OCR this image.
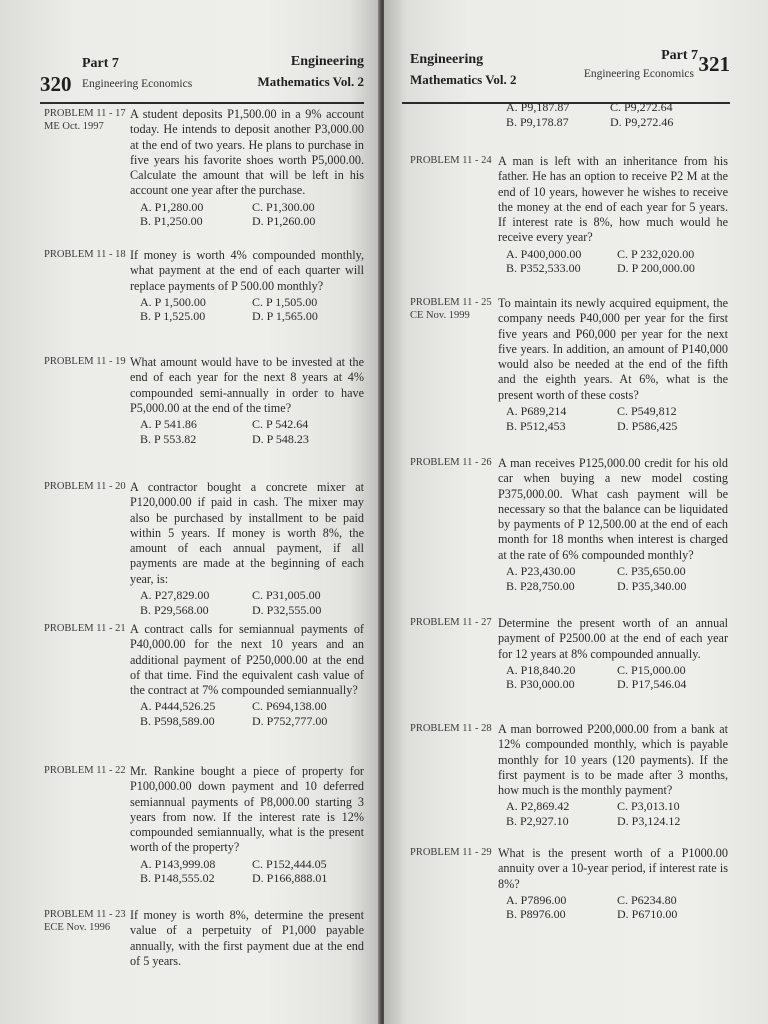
Part 7
320 Engineering Economics
Engineering
Mathematics Vol. 2
PROBLEM 11 - 17
ME Oct. 1997
A student deposits P1,500.00 in a 9% account today. He intends to deposit another P3,000.00 at the end of two years. He plans to purchase in five years his favorite shoes worth P5,000.00. Calculate the amount that will be left in his account one year after the purchase.
A. P1,280.00	C. P1,300.00
B. P1,250.00	D. P1,260.00
PROBLEM 11 - 18 If money is worth 4% compounded monthly, what payment at the end of each quarter will replace payments of P 500.00 monthly?
A. P 1,500.00	C. P 1,505.00
B. P 1,525.00	D. P 1,565.00
PROBLEM 11 - 19 What amount would have to be invested at the end of each year for the next 8 years at 4% compounded semi-annually in order to have P5,000.00 at the end of the time?
A. P 541.86	C. P 542.64
B. P 553.82	D. P 548.23
PROBLEM 11 - 20 A contractor bought a concrete mixer at P120,000.00 if paid in cash. The mixer may also be purchased by installment to be paid within 5 years. If money is worth 8%, the amount of each annual payment, if all payments are made at the beginning of each year, is:
A. P27,829.00	C. P31,005.00
B. P29,568.00	D. P32,555.00
PROBLEM 11 - 21 A contract calls for semiannual payments of P40,000.00 for the next 10 years and an additional payment of P250,000.00 at the end of that time. Find the equivalent cash value of the contract at 7% compounded semiannually?
A. P444,526.25	C. P694,138.00
B. P598,589.00	D. P752,777.00
PROBLEM 11 - 22 Mr. Rankine bought a piece of property for P100,000.00 down payment and 10 deferred semiannual payments of P8,000.00 starting 3 years from now. If the interest rate is 12% compounded semiannually, what is the present worth of the property?
A. P143,999.08	C. P152,444.05
B. P148,555.02	D. P166,888.01
PROBLEM 11 - 23
ECE Nov. 1996
If money is worth 8%, determine the present value of a perpetuity of P1,000 payable annually, with the first payment due at the end of 5 years.
Engineering
Mathematics Vol. 2
Part 7
Engineering Economics 321
A. P9,187.87	C. P9,272.64
B. P9,178.87	D. P9,272.46
PROBLEM 11 - 24 A man is left with an inheritance from his father. He has an option to receive P2 M at the end of 10 years, however he wishes to receive the money at the end of each year for 5 years. If interest rate is 8%, how much would he receive every year?
A. P400,000.00	C. P 232,020.00
B. P352,533.00	D. P 200,000.00
PROBLEM 11 - 25
CE Nov. 1999
To maintain its newly acquired equipment, the company needs P40,000 per year for the first five years and P60,000 per year for the next five years. In addition, an amount of P140,000 would also be needed at the end of the fifth and the eighth years. At 6%, what is the present worth of these costs?
A. P689,214	C. P549,812
B. P512,453	D. P586,425
PROBLEM 11 - 26 A man receives P125,000.00 credit for his old car when buying a new model costing P375,000.00. What cash payment will be necessary so that the balance can be liquidated by payments of P 12,500.00 at the end of each month for 18 months when interest is charged at the rate of 6% compounded monthly?
A. P23,430.00	C. P35,650.00
B. P28,750.00	D. P35,340.00
PROBLEM 11 - 27 Determine the present worth of an annual payment of P2500.00 at the end of each year for 12 years at 8% compounded annually.
A. P18,840.20	C. P15,000.00
B. P30,000.00	D. P17,546.04
PROBLEM 11 - 28 A man borrowed P200,000.00 from a bank at 12% compounded monthly, which is payable monthly for 10 years (120 payments). If the first payment is to be made after 3 months, how much is the monthly payment?
A. P2,869.42	C. P3,013.10
B. P2,927.10	D. P3,124.12
PROBLEM 11 - 29 What is the present worth of a P1000.00 annuity over a 10-year period, if interest rate is 8%?
A. P7896.00	C. P6234.80
B. P8976.00	D. P6710.00
